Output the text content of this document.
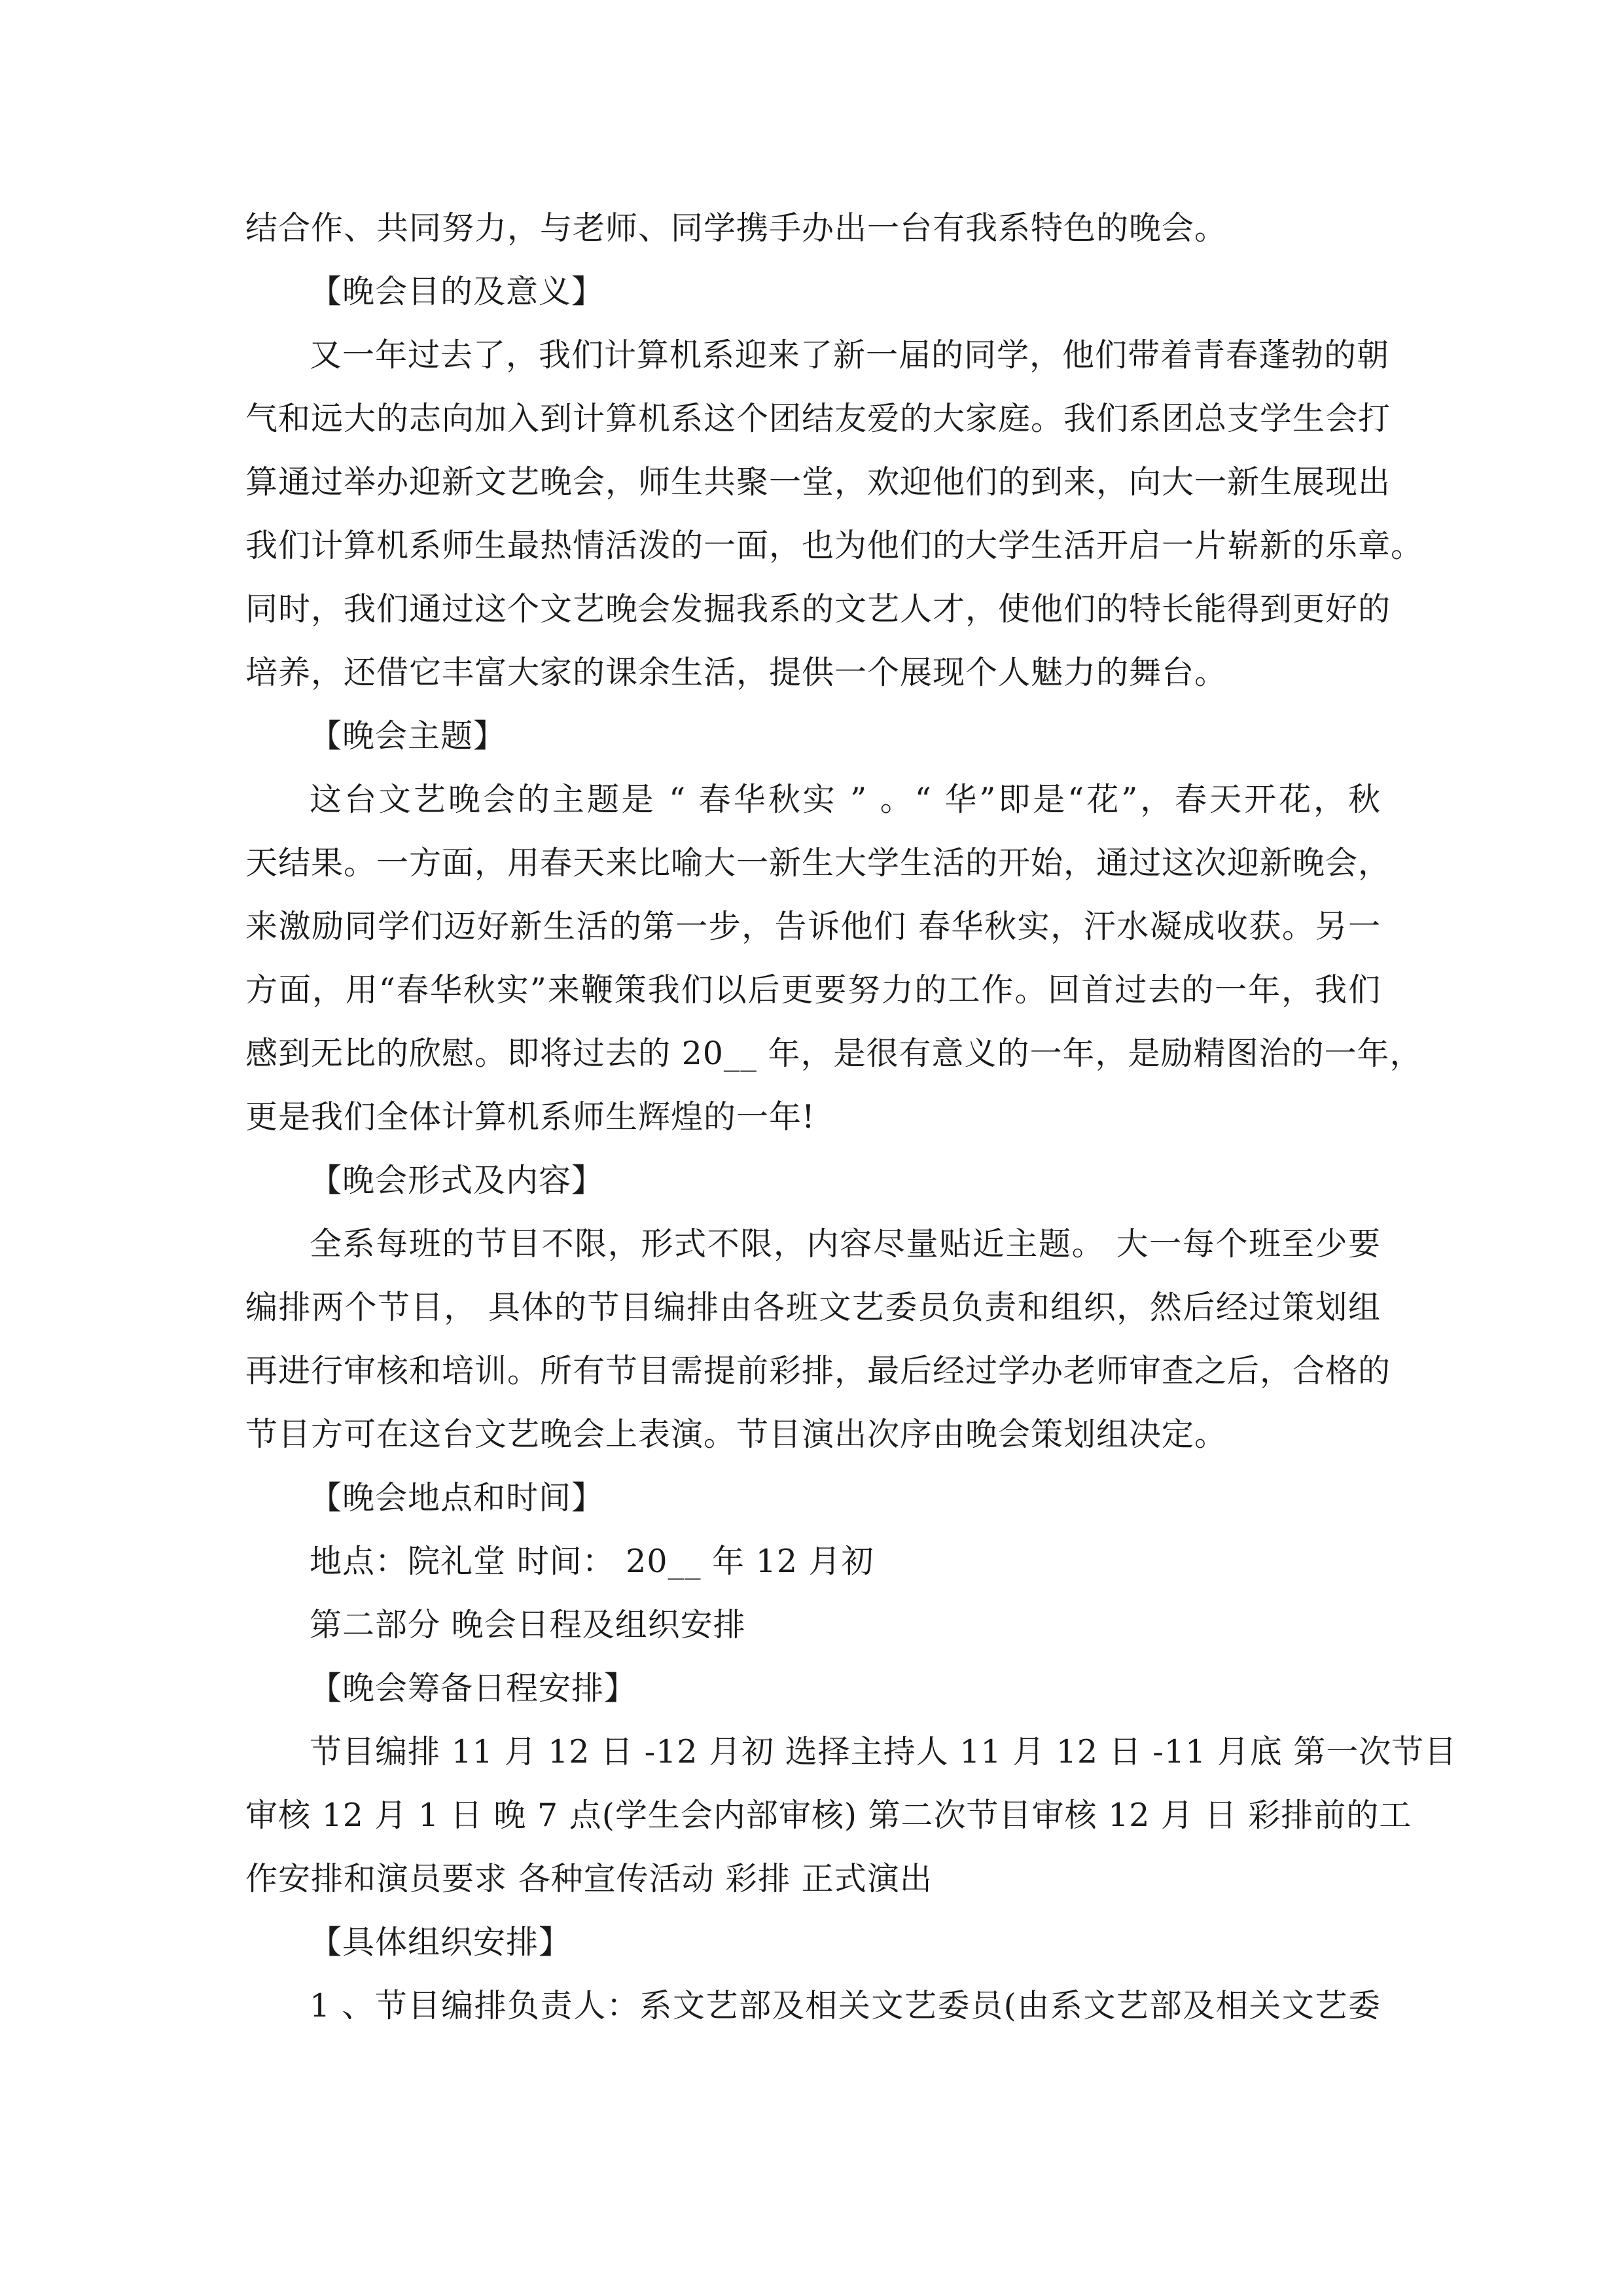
结合作、共同努力，与老师、同学携手办出一台有我系特色的晚会。
【晚会目的及意义】
又一年过去了，我们计算机系迎来了新一届的同学，他们带着青春蓬勃的朝
气和远大的志向加入到计算机系这个团结友爱的大家庭。我们系团总支学生会打
算通过举办迎新文艺晚会，师生共聚一堂，欢迎他们的到来，向大一新生展现出
我们计算机系师生最热情活泼的一面，也为他们的大学生活开启一片崭新的乐章。
同时，我们通过这个文艺晚会发掘我系的文艺人才，使他们的特长能得到更好的
培养，还借它丰富大家的课余生活，提供一个展现个人魅力的舞台。
【晚会主题】
这台文艺晚会的主题是 “ 春华秋实 ” 。“ 华”即是“花”，春天开花，秋
天结果。一方面，用春天来比喻大一新生大学生活的开始，通过这次迎新晚会，
来激励同学们迈好新生活的第一步，告诉他们 春华秋实，汗水凝成收获。另一
方面，用“春华秋实”来鞭策我们以后更要努力的工作。回首过去的一年，我们
感到无比的欣慰。即将过去的 20__ 年，是很有意义的一年，是励精图治的一年，
更是我们全体计算机系师生辉煌的一年!
【晚会形式及内容】
全系每班的节目不限，形式不限，内容尽量贴近主题。 大一每个班至少要
编排两个节目， 具体的节目编排由各班文艺委员负责和组织，然后经过策划组
再进行审核和培训。所有节目需提前彩排，最后经过学办老师审查之后，合格的
节目方可在这台文艺晚会上表演。节目演出次序由晚会策划组决定。
【晚会地点和时间】
地点：院礼堂 时间： 20__ 年 12 月初
第二部分 晚会日程及组织安排
【晚会筹备日程安排】
节目编排 11 月 12 日 -12 月初 选择主持人 11 月 12 日 -11 月底 第一次节目
审核 12 月 1 日 晚 7 点(学生会内部审核) 第二次节目审核 12 月 日 彩排前的工
作安排和演员要求 各种宣传活动 彩排 正式演出
【具体组织安排】
1 、节目编排负责人：系文艺部及相关文艺委员(由系文艺部及相关文艺委
